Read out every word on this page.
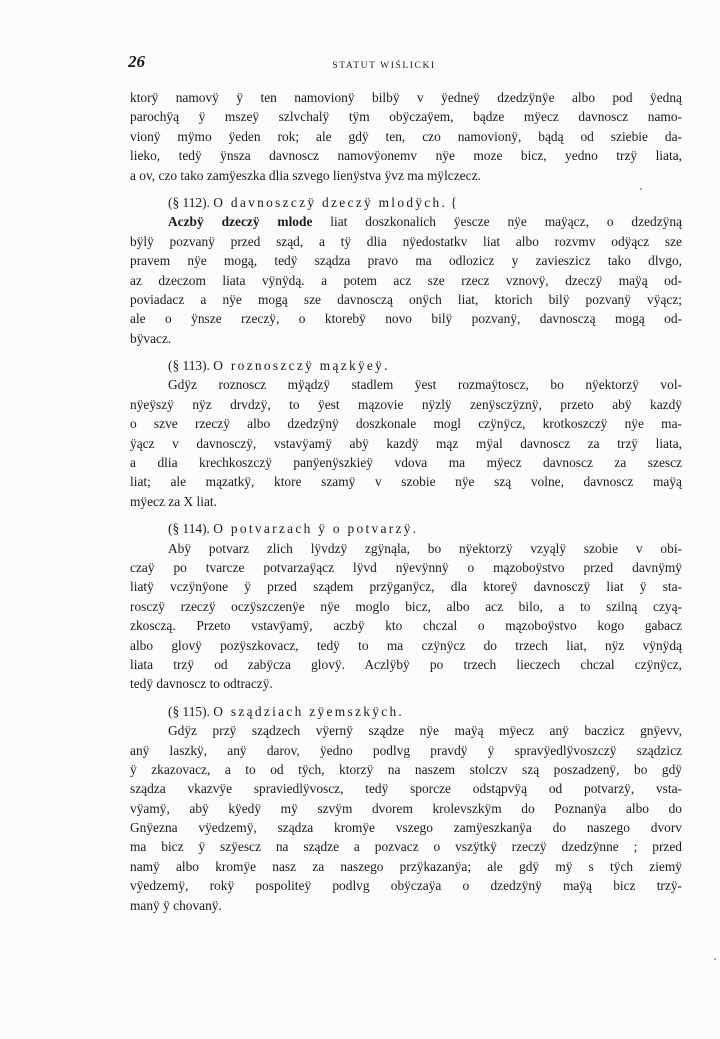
26	STATUT WIŚLICKI
ktorÿ namovÿ ÿ ten namovionÿ bilbÿ v ÿedneÿ dzedzÿnÿe albo pod ÿedną
parochÿą ÿ mszeÿ szlvchalÿ tÿm obÿczaÿem, bądze mÿecz davnoscz namo-
vionÿ mÿmo ÿeden rok; ale gdÿ ten, czo namovionÿ, bądą od sziebie da-
lieko, tedÿ ÿnsza davnoscz namovÿonemv nÿe moze bicz, yedno trzÿ liata,
a ov, czo tako zamÿeszka dlia szvego lienÿstva ÿvz ma mÿlczecz.
(§ 112). O davnoszczÿ dzeczÿ mlodÿch. {
Aczbÿ dzeczÿ mlode liat doszkonalich ÿescze nÿe maÿącz, o dzedzÿną
bÿlÿ pozvanÿ przed sząd, a tÿ dlia nÿedostatkv liat albo rozvmv odÿącz sze
pravem nÿe mogą, tedÿ sządza pravo ma odlozicz y zavieszicz tako dlvgo,
az dzeczom liata vÿnÿdą. a potem acz sze rzecz vznovÿ, dzeczÿ maÿą od-
poviadacz a nÿe mogą sze davnosczą onÿch liat, ktorich bilÿ pozvanÿ vÿącz;
ale o ÿnsze rzeczÿ, o ktorebÿ novo bilÿ pozvanÿ, davnosczą mogą od-
bÿvacz.
(§ 113). O roznoszczÿ mązkÿeÿ.
Gdÿz roznoscz mÿądzÿ stadlem ÿest rozmaÿtoscz, bo nÿektorzÿ vol-
nÿeÿszÿ nÿz drvdzÿ, to ÿest mązovie nÿzlÿ zenÿsczÿznÿ, przeto abÿ kazdÿ
o szve rzeczÿ albo dzedzÿnÿ doszkonale mogl czÿnÿcz, krotkoszczÿ nÿe ma-
ÿącz v davnosczÿ, vstavÿamÿ abÿ kazdÿ mąz mÿal davnoscz za trzÿ liata,
a dlia krechkoszczÿ panÿenÿszkieÿ vdova ma mÿecz davnoscz za szescz
liat; ale mązatkÿ, ktore szamÿ v szobie nÿe szą volne, davnoscz maÿą
mÿecz za X liat.
(§ 114). O potvarzach ÿ o potvarzÿ.
Abÿ potvarz zlich lÿvdzÿ zgÿnąla, bo nÿektorzÿ vzyąlÿ szobie v obi-
czaÿ po tvarcze potvarzaÿącz lÿvd nÿevÿnnÿ o mązoboÿstvo przed davnÿmÿ
liatÿ vczÿnÿone ÿ przed sządem przÿganÿcz, dla ktoreÿ davnosczÿ liat ÿ sta-
rosczÿ rzeczÿ oczÿszczenÿe nÿe moglo bicz, albo acz bilo, a to szilną czyą-
zkosczą. Przeto vstavÿamÿ, aczbÿ kto chczal o mązoboÿstvo kogo gabacz
albo glovÿ pozÿszkovacz, tedÿ to ma czÿnÿcz do trzech liat, nÿz vÿnÿdą
liata trzÿ od zabÿcza glovÿ. Aczlÿbÿ po trzech lieczech chczal czÿnÿcz,
tedÿ davnoscz to odtraczÿ.
(§ 115). O sządziach zÿemszkÿch.
Gdÿz przÿ sządzech vÿernÿ sządze nÿe maÿą mÿecz anÿ baczicz gnÿevv,
anÿ laszkÿ, anÿ darov, ÿedno podlvg pravdÿ ÿ spravÿedlÿvoszczÿ sządzicz
ÿ zkazovacz, a to od tÿch, ktorzÿ na naszem stolczv szą poszadzenÿ, bo gdÿ
sządza vkazvÿe spraviedlÿvoscz, tedÿ sporcze odstąpvÿą od potvarzÿ, vsta-
vÿamÿ, abÿ kÿedÿ mÿ szvÿm dvorem krolevszkÿm do Poznanÿa albo do
Gnÿezna vÿedzemÿ, sządza kromÿe vszego zamÿeszkanÿa do naszego dvorv
ma bicz ÿ szÿescz na sządze a pozvacz o vszÿtkÿ rzeczÿ dzedzÿnne ; przed
namÿ albo kromÿe nasz za naszego przÿkazanÿa; ale gdÿ mÿ s tÿch ziemÿ
vÿedzemÿ, rokÿ pospoliteÿ podlvg obÿczaÿa o dzedzÿnÿ maÿą bicz trzÿ-
manÿ ÿ chovanÿ.
